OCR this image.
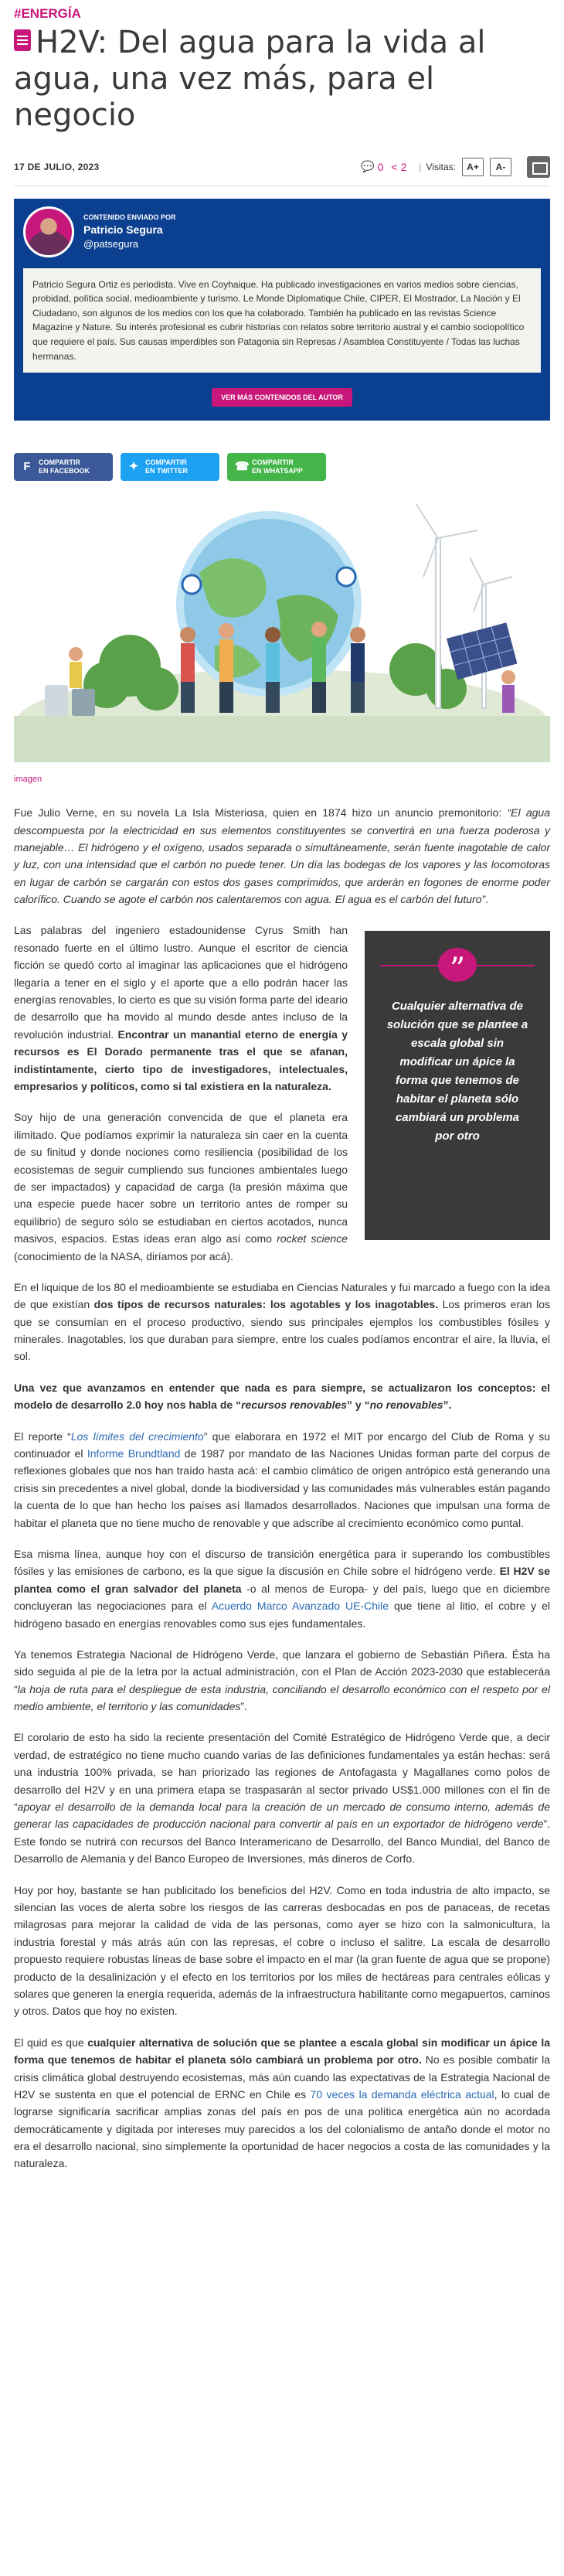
#ENERGÍA
H2V: Del agua para la vida al agua, una vez más, para el negocio
17 DE JULIO, 2023	💬 0 < 2 | Visitas:	A+	A-
CONTENIDO ENVIADO POR
Patricio Segura
@patsegura
Patricio Segura Ortiz es periodista. Vive en Coyhaique. Ha publicado investigaciones en varios medios sobre ciencias, probidad, política social, medioambiente y turismo. Le Monde Diplomatique Chile, CIPER, El Mostrador, La Nación y El Ciudadano, son algunos de los medios con los que ha colaborado. También ha publicado en las revistas Science Magazine y Nature. Su interés profesional es cubrir historias con relatos sobre territorio austral y el cambio sociopolítico que requiere el país. Sus causas imperdibles son Patagonia sin Represas / Asamblea Constituyente / Todas las luchas hermanas.
VER MÁS CONTENIDOS DEL AUTOR
F COMPARTIR
EN FACEBOOK	✦ COMPARTIR
EN TWITTER	☎ COMPARTIR
EN WHATSAPP
imagen

Fue Julio Verne, en su novela La Isla Misteriosa, quien en 1874 hizo un anuncio premonitorio: “El agua descompuesta por la electricidad en sus elementos constituyentes se convertirá en una fuerza poderosa y manejable… El hidrógeno y el oxígeno, usados separada o simultáneamente, serán fuente inagotable de calor y luz, con una intensidad que el carbón no puede tener. Un día las bodegas de los vapores y las locomotoras en lugar de carbón se cargarán con estos dos gases comprimidos, que arderán en fogones de enorme poder calorífico. Cuando se agote el carbón nos calentaremos con agua. El agua es el carbón del futuro”.

”
Cualquier alternativa de solución que se plantee a escala global sin modificar un ápice la forma que tenemos de habitar el planeta sólo cambiará un problema por otro

Las palabras del ingeniero estadounidense Cyrus Smith han resonado fuerte en el último lustro. Aunque el escritor de ciencia ficción se quedó corto al imaginar las aplicaciones que el hidrógeno llegaría a tener en el siglo y el aporte que a ello podrán hacer las energías renovables, lo cierto es que su visión forma parte del ideario de desarrollo que ha movido al mundo desde antes incluso de la revolución industrial. Encontrar un manantial eterno de energía y recursos es El Dorado permanente tras el que se afanan, indistintamente, cierto tipo de investigadores, intelectuales, empresarios y políticos, como si tal existiera en la naturaleza.

Soy hijo de una generación convencida de que el planeta era ilimitado. Que podíamos exprimir la naturaleza sin caer en la cuenta de su finitud y donde nociones como resiliencia (posibilidad de los ecosistemas de seguir cumpliendo sus funciones ambientales luego de ser impactados) y capacidad de carga (la presión máxima que una especie puede hacer sobre un territorio antes de romper su equilibrio) de seguro sólo se estudiaban en ciertos acotados, nunca masivos, espacios. Estas ideas eran algo así como rocket science (conocimiento de la NASA, diríamos por acá).

En el liquique de los 80 el medioambiente se estudiaba en Ciencias Naturales y fui marcado a fuego con la idea de que existían dos tipos de recursos naturales: los agotables y los inagotables. Los primeros eran los que se consumían en el proceso productivo, siendo sus principales ejemplos los combustibles fósiles y minerales. Inagotables, los que duraban para siempre, entre los cuales podíamos encontrar el aire, la lluvia, el sol.

Una vez que avanzamos en entender que nada es para siempre, se actualizaron los conceptos: el modelo de desarrollo 2.0 hoy nos habla de “recursos renovables” y “no renovables”.

El reporte “Los límites del crecimiento” que elaborara en 1972 el MIT por encargo del Club de Roma y su continuador el Informe Brundtland de 1987 por mandato de las Naciones Unidas forman parte del corpus de reflexiones globales que nos han traído hasta acá: el cambio climático de origen antrópico está generando una crisis sin precedentes a nivel global, donde la biodiversidad y las comunidades más vulnerables están pagando la cuenta de lo que han hecho los países así llamados desarrollados. Naciones que impulsan una forma de habitar el planeta que no tiene mucho de renovable y que adscribe al crecimiento económico como puntal.

Esa misma línea, aunque hoy con el discurso de transición energética para ir superando los combustibles fósiles y las emisiones de carbono, es la que sigue la discusión en Chile sobre el hidrógeno verde. El H2V se plantea como el gran salvador del planeta -o al menos de Europa- y del país, luego que en diciembre concluyeran las negociaciones para el Acuerdo Marco Avanzado UE-Chile que tiene al litio, el cobre y el hidrógeno basado en energías renovables como sus ejes fundamentales.

Ya tenemos Estrategia Nacional de Hidrógeno Verde, que lanzara el gobierno de Sebastián Piñera. Ésta ha sido seguida al pie de la letra por la actual administración, con el Plan de Acción 2023-2030 que estableceráa “la hoja de ruta para el despliegue de esta industria, conciliando el desarrollo económico con el respeto por el medio ambiente, el territorio y las comunidades”.

El corolario de esto ha sido la reciente presentación del Comité Estratégico de Hidrógeno Verde que, a decir verdad, de estratégico no tiene mucho cuando varias de las definiciones fundamentales ya están hechas: será una industria 100% privada, se han priorizado las regiones de Antofagasta y Magallanes como polos de desarrollo del H2V y en una primera etapa se traspasarán al sector privado US$1.000 millones con el fin de “apoyar el desarrollo de la demanda local para la creación de un mercado de consumo interno, además de generar las capacidades de producción nacional para convertir al país en un exportador de hidrógeno verde”. Este fondo se nutrirá con recursos del Banco Interamericano de Desarrollo, del Banco Mundial, del Banco de Desarrollo de Alemania y del Banco Europeo de Inversiones, más dineros de Corfo.

Hoy por hoy, bastante se han publicitado los beneficios del H2V. Como en toda industria de alto impacto, se silencian las voces de alerta sobre los riesgos de las carreras desbocadas en pos de panaceas, de recetas milagrosas para mejorar la calidad de vida de las personas, como ayer se hizo con la salmonicultura, la industria forestal y más atrás aún con las represas, el cobre o incluso el salitre. La escala de desarrollo propuesto requiere robustas líneas de base sobre el impacto en el mar (la gran fuente de agua que se propone) producto de la desalinización y el efecto en los territorios por los miles de hectáreas para centrales eólicas y solares que generen la energía requerida, además de la infraestructura habilitante como megapuertos, caminos y otros. Datos que hoy no existen.

El quid es que cualquier alternativa de solución que se plantee a escala global sin modificar un ápice la forma que tenemos de habitar el planeta sólo cambiará un problema por otro. No es posible combatir la crisis climática global destruyendo ecosistemas, más aún cuando las expectativas de la Estrategia Nacional de H2V se sustenta en que el potencial de ERNC en Chile es 70 veces la demanda eléctrica actual, lo cual de lograrse significaría sacrificar amplias zonas del país en pos de una política energética aún no acordada democráticamente y digitada por intereses muy parecidos a los del colonialismo de antaño donde el motor no era el desarrollo nacional, sino simplemente la oportunidad de hacer negocios a costa de las comunidades y la naturaleza.
